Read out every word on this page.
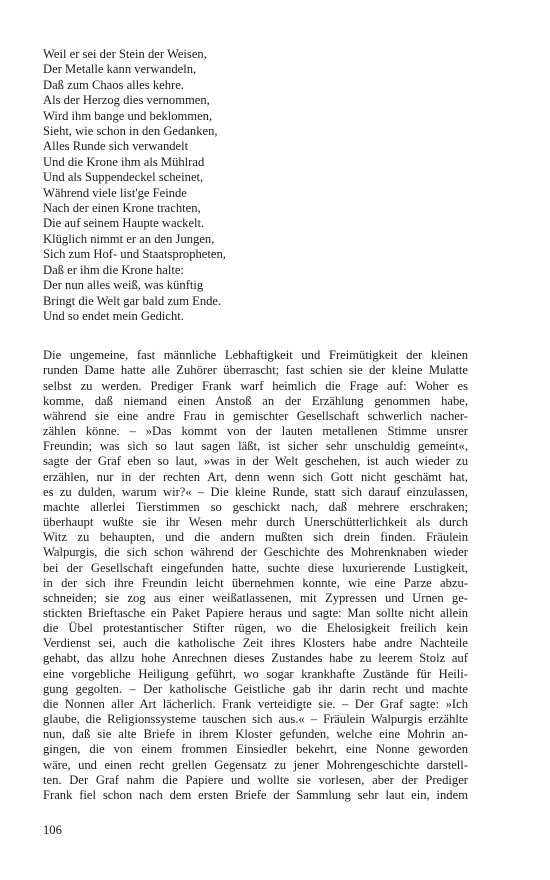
Weil er sei der Stein der Weisen,
Der Metalle kann verwandeln,
Daß zum Chaos alles kehre.
Als der Herzog dies vernommen,
Wird ihm bange und beklommen,
Sieht, wie schon in den Gedanken,
Alles Runde sich verwandelt
Und die Krone ihm als Mühlrad
Und als Suppendeckel scheinet,
Während viele list'ge Feinde
Nach der einen Krone trachten,
Die auf seinem Haupte wackelt.
Klüglich nimmt er an den Jungen,
Sich zum Hof- und Staatspropheten,
Daß er ihm die Krone halte:
Der nun alles weiß, was künftig
Bringt die Welt gar bald zum Ende.
Und so endet mein Gedicht.
Die ungemeine, fast männliche Lebhaftigkeit und Freimütigkeit der kleinen
runden Dame hatte alle Zuhörer überrascht; fast schien sie der kleine Mulatte
selbst zu werden. Prediger Frank warf heimlich die Frage auf: Woher es
komme, daß niemand einen Anstoß an der Erzählung genommen habe,
während sie eine andre Frau in gemischter Gesellschaft schwerlich nacher-
zählen könne. – »Das kommt von der lauten metallenen Stimme unsrer
Freundin; was sich so laut sagen läßt, ist sicher sehr unschuldig gemeint«,
sagte der Graf eben so laut, »was in der Welt geschehen, ist auch wieder zu
erzählen, nur in der rechten Art, denn wenn sich Gott nicht geschämt hat,
es zu dulden, warum wir?« – Die kleine Runde, statt sich darauf einzulassen,
machte allerlei Tierstimmen so geschickt nach, daß mehrere erschraken;
überhaupt wußte sie ihr Wesen mehr durch Unerschütterlichkeit als durch
Witz zu behaupten, und die andern mußten sich drein finden. Fräulein
Walpurgis, die sich schon während der Geschichte des Mohrenknaben wieder
bei der Gesellschaft eingefunden hatte, suchte diese luxurierende Lustigkeit,
in der sich ihre Freundin leicht übernehmen konnte, wie eine Parze abzu-
schneiden; sie zog aus einer weißatlassenen, mit Zypressen und Urnen ge-
stickten Brieftasche ein Paket Papiere heraus und sagte: Man sollte nicht allein
die Übel protestantischer Stifter rügen, wo die Ehelosigkeit freilich kein
Verdienst sei, auch die katholische Zeit ihres Klosters habe andre Nachteile
gehabt, das allzu hohe Anrechnen dieses Zustandes habe zu leerem Stolz auf
eine vorgebliche Heiligung geführt, wo sogar krankhafte Zustände für Heili-
gung gegolten. – Der katholische Geistliche gab ihr darin recht und machte
die Nonnen aller Art lächerlich. Frank verteidigte sie. – Der Graf sagte: »Ich
glaube, die Religionssysteme tauschen sich aus.« – Fräulein Walpurgis erzählte
nun, daß sie alte Briefe in ihrem Kloster gefunden, welche eine Mohrin an-
gingen, die von einem frommen Einsiedler bekehrt, eine Nonne geworden
wäre, und einen recht grellen Gegensatz zu jener Mohrengeschichte darstell-
ten. Der Graf nahm die Papiere und wollte sie vorlesen, aber der Prediger
Frank fiel schon nach dem ersten Briefe der Sammlung sehr laut ein, indem
106
